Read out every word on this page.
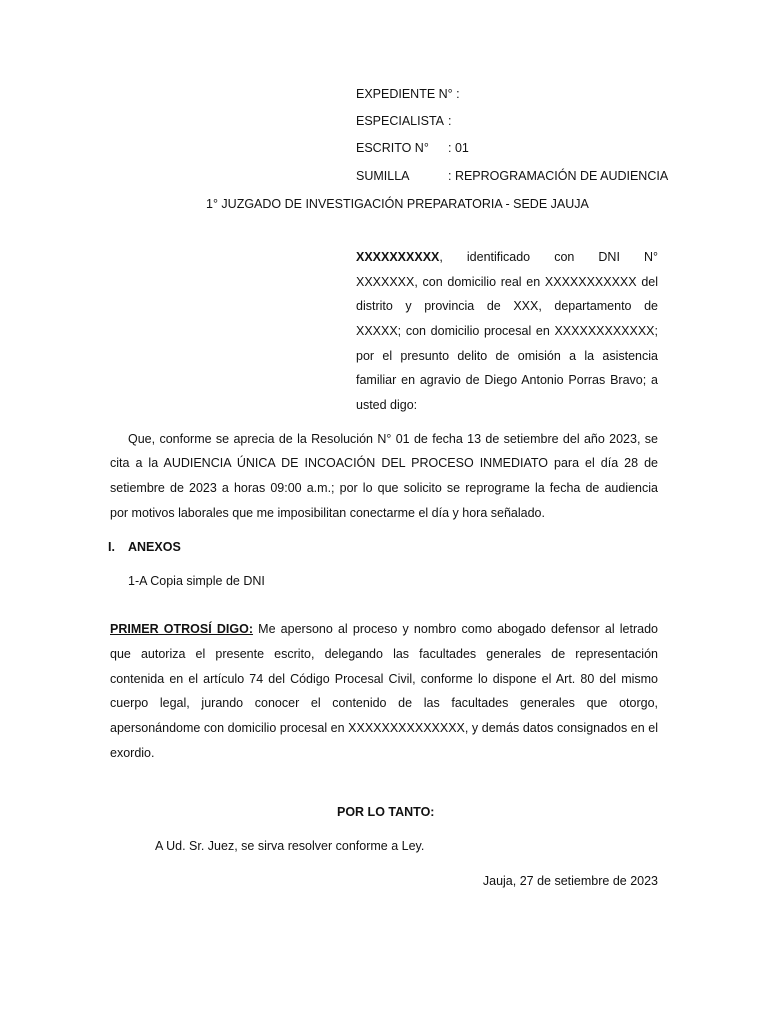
EXPEDIENTE N° :
ESPECIALISTA :
ESCRITO N° : 01
SUMILLA	: REPROGRAMACIÓN DE AUDIENCIA
1° JUZGADO DE INVESTIGACIÓN PREPARATORIA - SEDE JAUJA
XXXXXXXXXX, identificado con DNI N°
XXXXXXX, con domicilio real en XXXXXXXXXXX del
distrito y provincia de XXX, departamento de
XXXXX; con domicilio procesal en XXXXXXXXXXXX;
por el presunto delito de omisión a la asistencia
familiar en agravio de Diego Antonio Porras Bravo; a
usted digo:
Que, conforme se aprecia de la Resolución N° 01 de fecha 13 de setiembre del año 2023, se
cita a la AUDIENCIA ÚNICA DE INCOACIÓN DEL PROCESO INMEDIATO para el día 28 de
setiembre de 2023 a horas 09:00 a.m.; por lo que solicito se reprograme la fecha de audiencia
por motivos laborales que me imposibilitan conectarme el día y hora señalado.
I. ANEXOS
1-A Copia simple de DNI
PRIMER OTROSÍ DIGO: Me apersono al proceso y nombro como abogado defensor al letrado
que autoriza el presente escrito, delegando las facultades generales de representación
contenida en el artículo 74 del Código Procesal Civil, conforme lo dispone el Art. 80 del mismo
cuerpo legal, jurando conocer el contenido de las facultades generales que otorgo,
apersonándome con domicilio procesal en XXXXXXXXXXXXXX, y demás datos consignados en el
exordio.
POR LO TANTO:
A Ud. Sr. Juez, se sirva resolver conforme a Ley.
Jauja, 27 de setiembre de 2023
